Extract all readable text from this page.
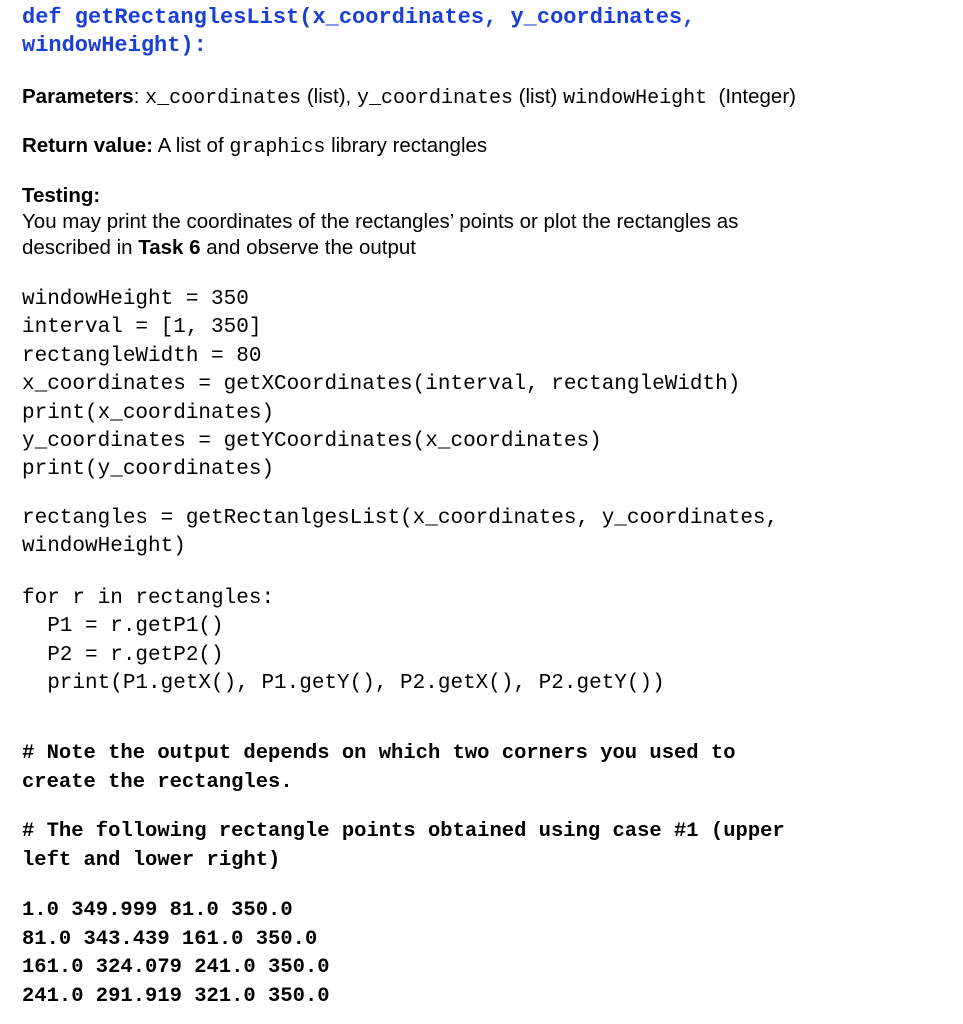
def getRectanglesList(x_coordinates, y_coordinates,
windowHeight):
Parameters: x_coordinates (list), y_coordinates (list) windowHeight  (Integer)
Return value: A list of graphics library rectangles
Testing:
You may print the coordinates of the rectangles’ points or plot the rectangles as
described in Task 6 and observe the output
windowHeight = 350
interval = [1, 350]
rectangleWidth = 80
x_coordinates = getXCoordinates(interval, rectangleWidth)
print(x_coordinates)
y_coordinates = getYCoordinates(x_coordinates)
print(y_coordinates)
rectangles = getRectanlgesList(x_coordinates, y_coordinates,
windowHeight)
for r in rectangles:
P1 = r.getP1()
P2 = r.getP2()
print(P1.getX(), P1.getY(), P2.getX(), P2.getY())
# Note the output depends on which two corners you used to
create the rectangles.
# The following rectangle points obtained using case #1 (upper
left and lower right)
1.0 349.999 81.0 350.0
81.0 343.439 161.0 350.0
161.0 324.079 241.0 350.0
241.0 291.919 321.0 350.0
